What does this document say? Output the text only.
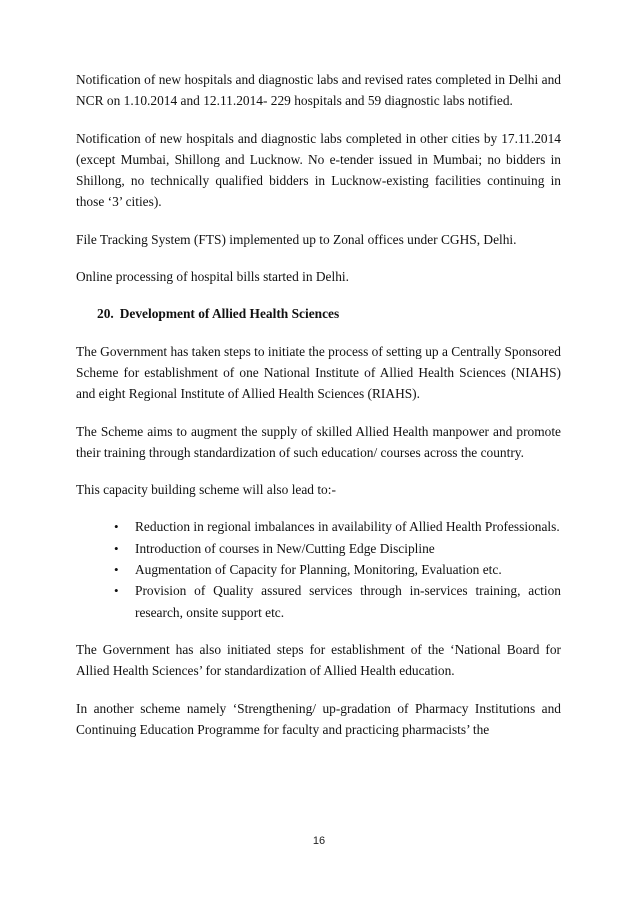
Notification of new hospitals and diagnostic labs and revised rates completed in Delhi and NCR on 1.10.2014 and 12.11.2014- 229 hospitals and 59 diagnostic labs notified.

Notification of new hospitals and diagnostic labs completed in other cities by 17.11.2014 (except Mumbai, Shillong and Lucknow. No e-tender issued in Mumbai; no bidders in Shillong, no technically qualified bidders in Lucknow-existing facilities continuing in those ‘3’ cities).

File Tracking System (FTS) implemented up to Zonal offices under CGHS, Delhi.

Online processing of hospital bills started in Delhi.

20. Development of Allied Health Sciences

The Government has taken steps to initiate the process of setting up a Centrally Sponsored Scheme for establishment of one National Institute of Allied Health Sciences (NIAHS) and eight Regional Institute of Allied Health Sciences (RIAHS).

The Scheme aims to augment the supply of skilled Allied Health manpower and promote their training through standardization of such education/ courses across the country.

This capacity building scheme will also lead to:-

• Reduction in regional imbalances in availability of Allied Health Professionals.
• Introduction of courses in New/Cutting Edge Discipline
• Augmentation of Capacity for Planning, Monitoring, Evaluation etc.
• Provision of Quality assured services through in-services training, action research, onsite support etc.

The Government has also initiated steps for establishment of the ‘National Board for Allied Health Sciences’ for standardization of Allied Health education.

In another scheme namely ‘Strengthening/ up-gradation of Pharmacy Institutions and Continuing Education Programme for faculty and practicing pharmacists’ the

16
